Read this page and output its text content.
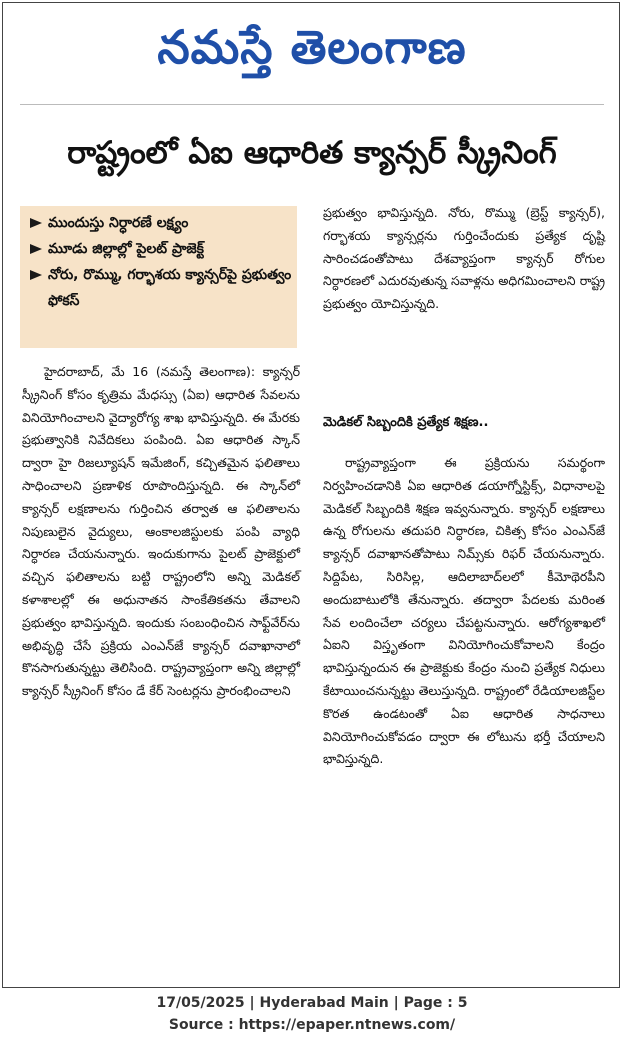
నమస్తే తెలంగాణ
రాష్ట్రంలో ఏఐ ఆధారిత క్యాన్సర్ స్క్రీనింగ్
ముందుస్తు నిర్ధారణే లక్ష్యం
మూడు జిల్లాల్లో పైలట్ ప్రాజెక్ట్
నోరు, రొమ్ము, గర్భాశయ క్యాన్సర్‌పై ప్రభుత్వం ఫోకస్

హైదరాబాద్, మే 16 (నమస్తే తెలంగాణ): క్యాన్సర్ స్క్రీనింగ్ కోసం కృత్రిమ మేధస్సు (ఏఐ) ఆధారిత సేవలను వినియోగించాలని వైద్యారోగ్య శాఖ భావిస్తున్నది. ఈ మేరకు ప్రభుత్వానికి నివేదికలు పంపింది. ఏఐ ఆధారిత స్కాన్ ద్వారా హై రిజల్యూషన్ ఇమేజింగ్, కచ్చితమైన ఫలితాలు సాధించాలని ప్రణాళిక రూపొందిస్తున్నది. ఈ స్కాన్‌లో క్యాన్సర్ లక్షణాలను గుర్తించిన తర్వాత ఆ ఫలితాలను నిపుణులైన వైద్యులు, ఆంకాలజిస్టులకు పంపి వ్యాధి నిర్ధారణ చేయనున్నారు. ఇందుకుగాను పైలట్ ప్రాజెక్టులో వచ్చిన ఫలితాలను బట్టి రాష్ట్రంలోని అన్ని మెడికల్ కళాశాలల్లో ఈ అధునాతన సాంకేతికతను తేవాలని ప్రభుత్వం భావిస్తున్నది. ఇందుకు సంబంధించిన సాఫ్ట్‌వేర్‌ను అభివృద్ధి చేసే ప్రక్రియ ఎంఎన్‌జే క్యాన్సర్ దవాఖానాలో కొనసాగుతున్నట్టు తెలిసింది. రాష్ట్రవ్యాప్తంగా అన్ని జిల్లాల్లో క్యాన్సర్ స్క్రీనింగ్ కోసం డే కేర్ సెంటర్లను ప్రారంభించాలని

ప్రభుత్వం భావిస్తున్నది. నోరు, రొమ్ము (బ్రెస్ట్ క్యాన్సర్), గర్భాశయ క్యాన్సర్లను గుర్తించేందుకు ప్రత్యేక దృష్టి సారించడంతోపాటు దేశవ్యాప్తంగా క్యాన్సర్ రోగుల నిర్ధారణలో ఎదురవుతున్న సవాళ్లను అధిగమించాలని రాష్ట్ర ప్రభుత్వం యోచిస్తున్నది.

మెడికల్ సిబ్బందికి ప్రత్యేక శిక్షణ..

రాష్ట్రవ్యాప్తంగా ఈ ప్రక్రియను సమర్థంగా నిర్వహించడానికి ఏఐ ఆధారిత డయాగ్నోస్టిక్స్, విధానాలపై మెడికల్ సిబ్బందికి శిక్షణ ఇవ్వనున్నారు. క్యాన్సర్ లక్షణాలు ఉన్న రోగులను తదుపరి నిర్ధారణ, చికిత్స కోసం ఎంఎన్‌జే క్యాన్సర్ దవాఖానతోపాటు నిమ్స్‌కు రిఫర్ చేయనున్నారు. సిద్దిపేట, సిరిసిల్ల, ఆదిలాబాద్‌లలో కీమోథెరపీని అందుబాటులోకి తేనున్నారు. తద్వారా పేదలకు మరింత సేవ లందించేలా చర్యలు చేపట్టనున్నారు. ఆరోగ్యశాఖలో ఏఐని విస్తృతంగా వినియోగించుకోవాలని కేంద్రం భావిస్తున్నందున ఈ ప్రాజెక్టుకు కేంద్రం నుంచి ప్రత్యేక నిధులు కేటాయించనున్నట్టు తెలుస్తున్నది. రాష్ట్రంలో రేడియాలజిస్ట్‌ల కొరత ఉండటంతో ఏఐ ఆధారిత సాధనాలు వినియోగించుకోవడం ద్వారా ఈ లోటును భర్తీ చేయాలని భావిస్తున్నది.

17/05/2025 | Hyderabad Main | Page : 5
Source : https://epaper.ntnews.com/
